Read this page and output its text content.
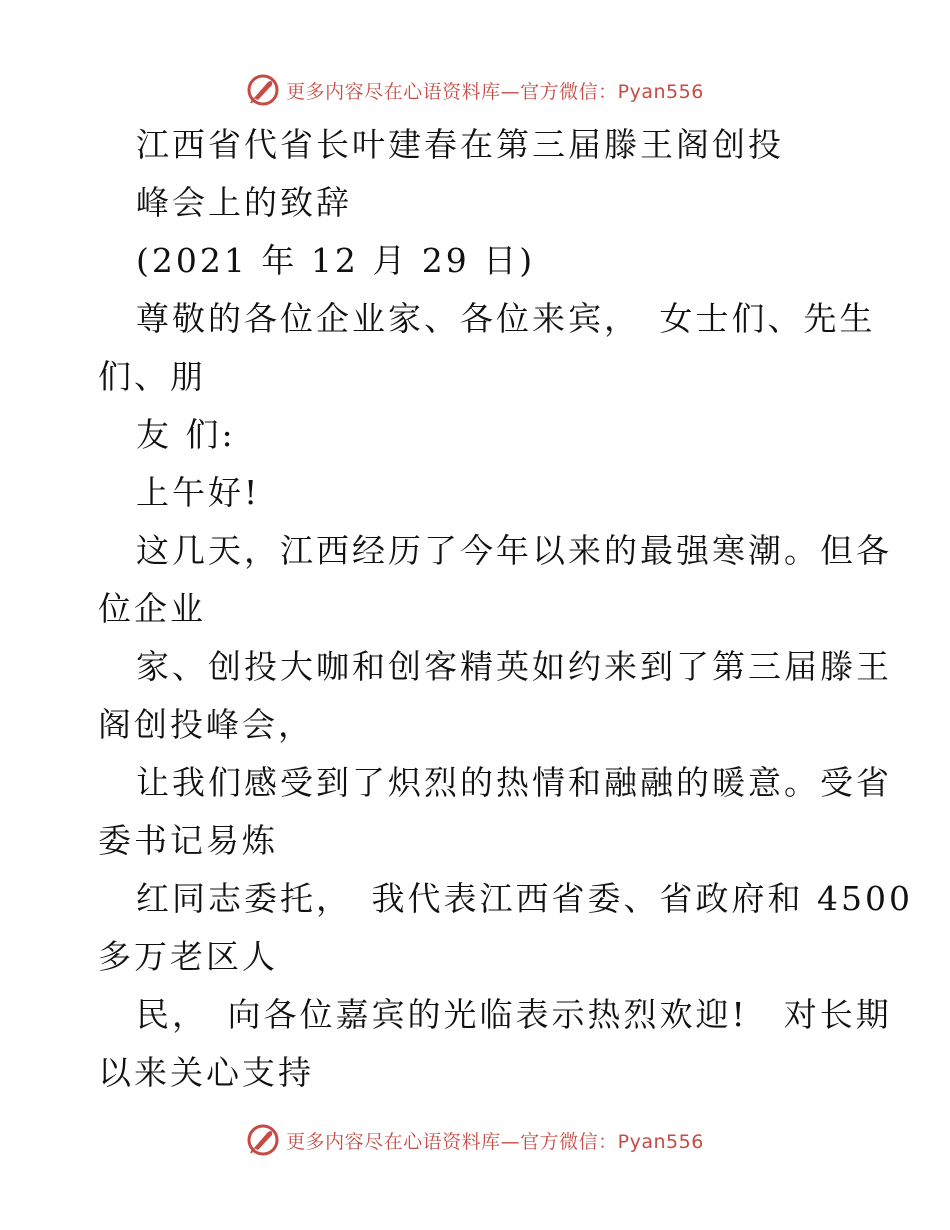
更多内容尽在心语资料库—官方微信：Pyan556
江西省代省长叶建春在第三届滕王阁创投
峰会上的致辞
(2021 年 12 月 29 日)
尊敬的各位企业家、各位来宾，　女士们、先生
们、朋
友 们:
上午好!
这几天，江西经历了今年以来的最强寒潮。但各
位企业
家、创投大咖和创客精英如约来到了第三届滕王
阁创投峰会，
让我们感受到了炽烈的热情和融融的暖意。受省
委书记易炼
红同志委托，　我代表江西省委、省政府和 4500
多万老区人
民，　向各位嘉宾的光临表示热烈欢迎!　对长期
以来关心支持
更多内容尽在心语资料库—官方微信：Pyan556
